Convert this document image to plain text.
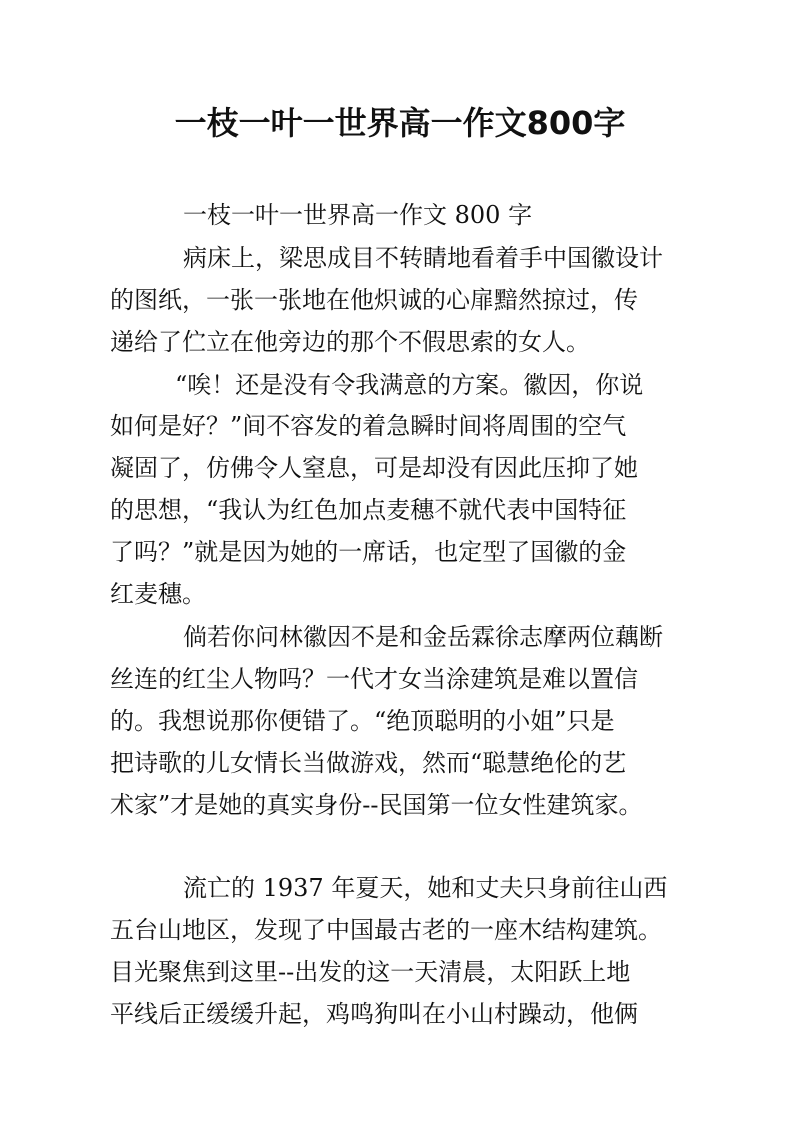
一枝一叶一世界高一作文800字
一枝一叶一世界高一作文 800 字
病床上，梁思成目不转睛地看着手中国徽设计
的图纸，一张一张地在他炽诚的心扉黯然掠过，传
递给了伫立在他旁边的那个不假思索的女人。
“唉！还是没有令我满意的方案。徽因，你说
如何是好？”间不容发的着急瞬时间将周围的空气
凝固了，仿佛令人窒息，可是却没有因此压抑了她
的思想，“我认为红色加点麦穗不就代表中国特征
了吗？”就是因为她的一席话，也定型了国徽的金
红麦穗。
倘若你问林徽因不是和金岳霖徐志摩两位藕断
丝连的红尘人物吗？一代才女当涂建筑是难以置信
的。我想说那你便错了。“绝顶聪明的小姐”只是
把诗歌的儿女情长当做游戏，然而“聪慧绝伦的艺
术家”才是她的真实身份--民国第一位女性建筑家。
流亡的 1937 年夏天，她和丈夫只身前往山西
五台山地区，发现了中国最古老的一座木结构建筑。
目光聚焦到这里--出发的这一天清晨，太阳跃上地
平线后正缓缓升起，鸡鸣狗叫在小山村躁动，他俩
